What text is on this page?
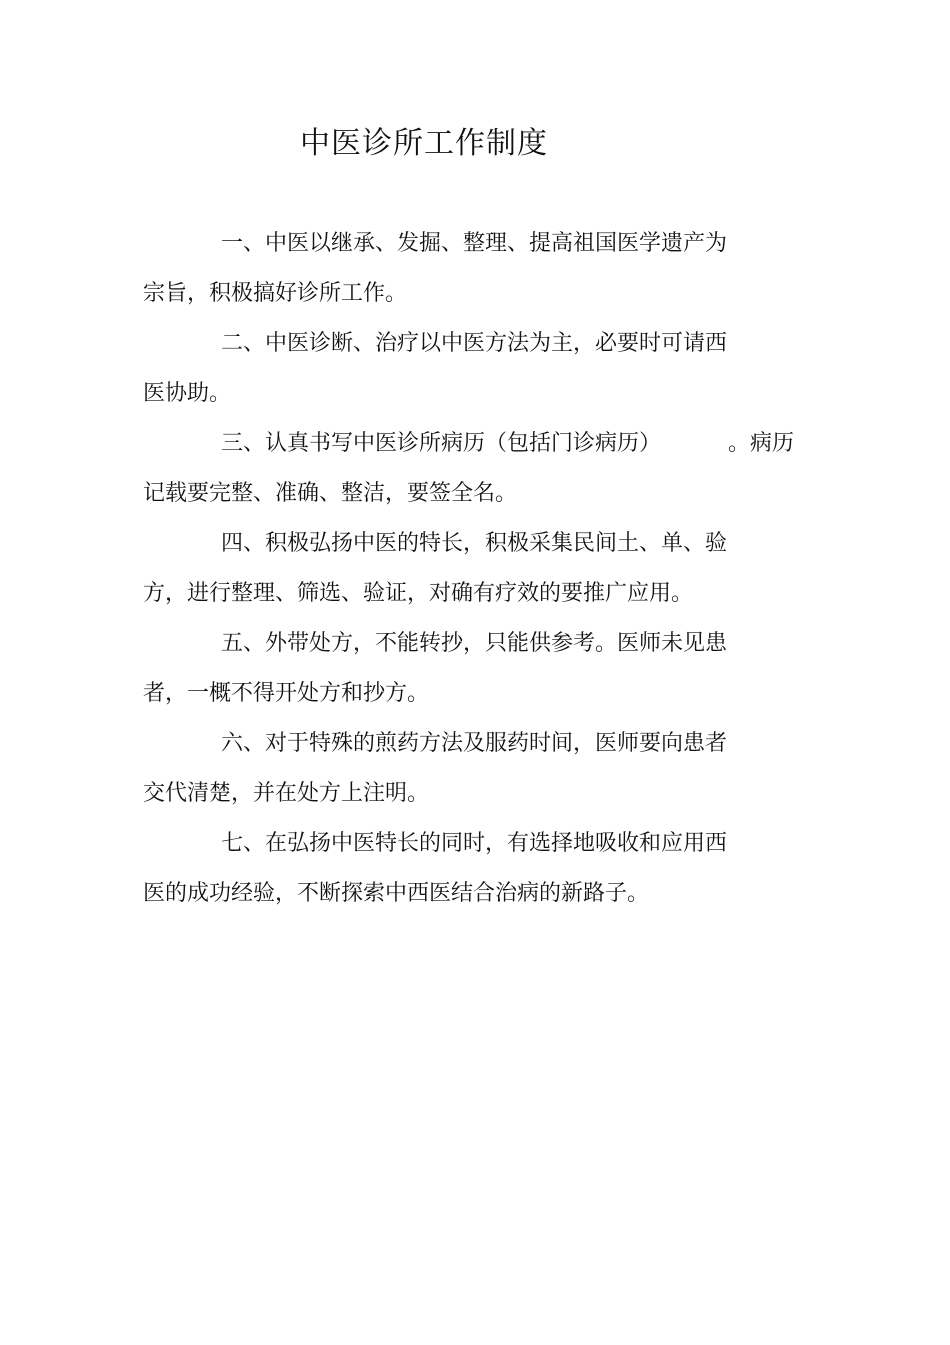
中医诊所工作制度

一、中医以继承、发掘、整理、提高祖国医学遗产为

宗旨，积极搞好诊所工作。

二、中医诊断、治疗以中医方法为主，必要时可请西

医协助。

三、认真书写中医诊所病历（包括门诊病历）	。病历

记载要完整、准确、整洁，要签全名。

四、积极弘扬中医的特长，积极采集民间土、单、验

方，进行整理、筛选、验证，对确有疗效的要推广应用。

五、外带处方，不能转抄，只能供参考。医师未见患

者，一概不得开处方和抄方。

六、对于特殊的煎药方法及服药时间，医师要向患者

交代清楚，并在处方上注明。

七、在弘扬中医特长的同时，有选择地吸收和应用西

医的成功经验，不断探索中西医结合治病的新路子。
